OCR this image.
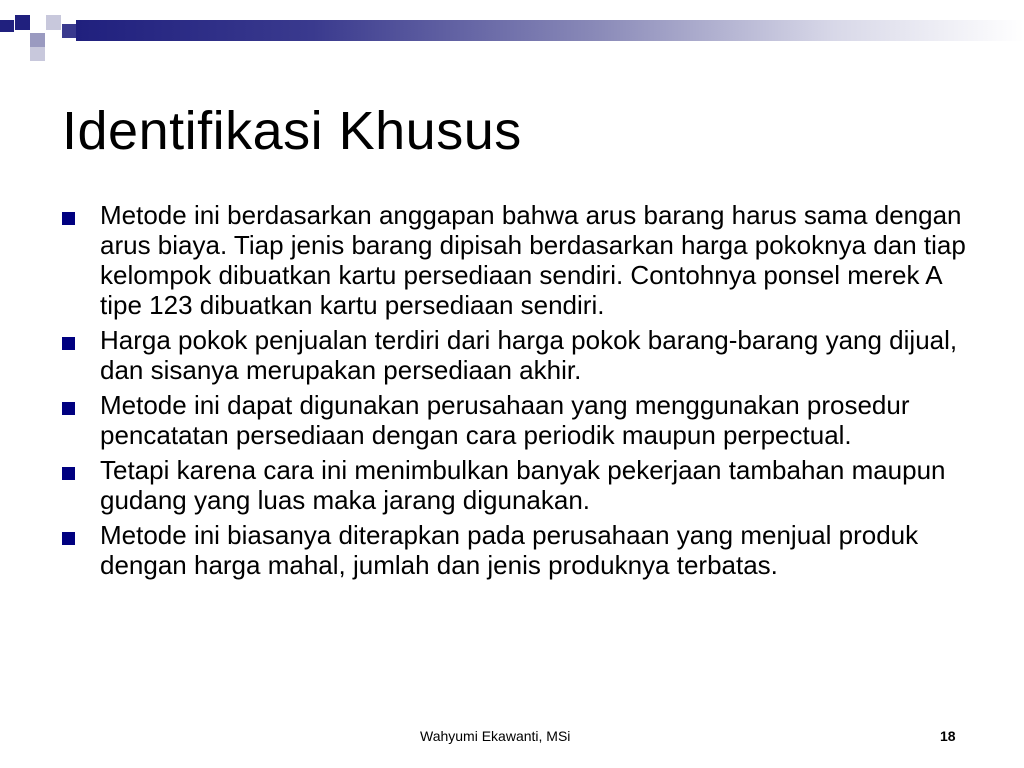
Identifikasi Khusus
Metode ini berdasarkan anggapan bahwa arus barang harus sama dengan arus biaya. Tiap jenis barang dipisah berdasarkan harga pokoknya dan tiap kelompok dibuatkan kartu persediaan sendiri. Contohnya ponsel merek A tipe 123 dibuatkan kartu persediaan sendiri.
Harga pokok penjualan terdiri dari harga pokok barang-barang yang dijual, dan sisanya merupakan persediaan akhir.
Metode ini dapat digunakan perusahaan yang menggunakan prosedur pencatatan persediaan dengan cara periodik maupun perpectual.
Tetapi karena cara ini menimbulkan banyak pekerjaan tambahan maupun gudang yang luas maka jarang digunakan.
Metode ini biasanya diterapkan pada perusahaan yang menjual produk dengan harga mahal, jumlah dan jenis produknya terbatas.
Wahyumi Ekawanti, MSi	18
